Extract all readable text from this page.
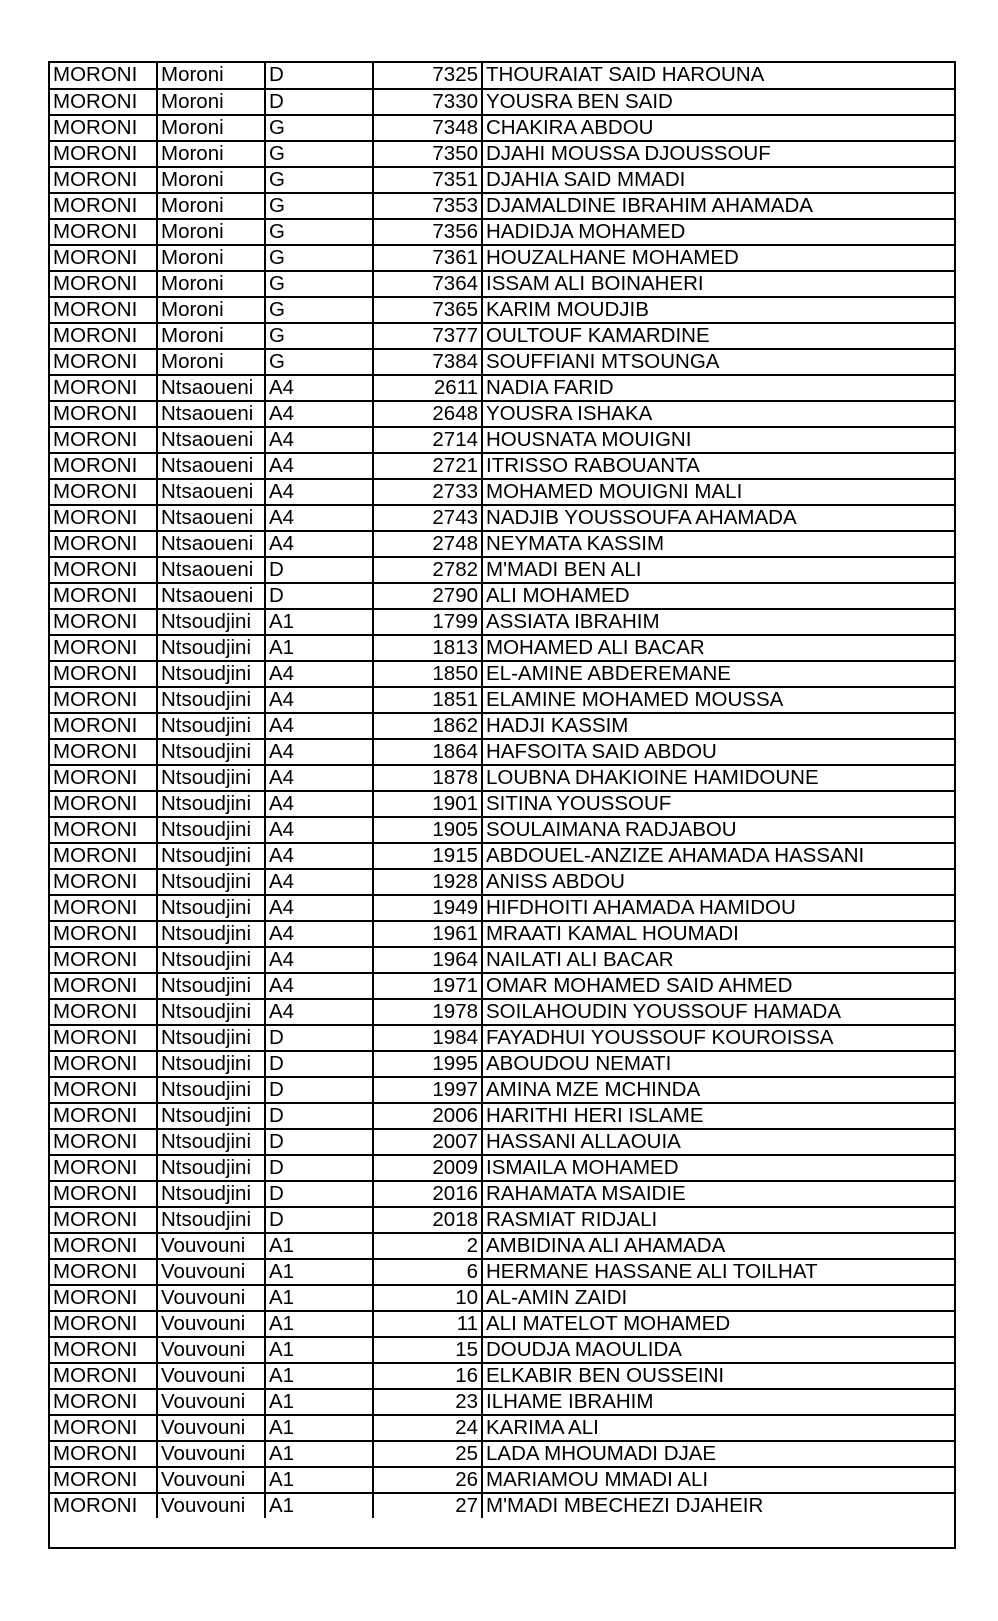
MORONI	Moroni	D	7325	THOURAIAT SAID HAROUNA
MORONI	Moroni	D	7330	YOUSRA BEN SAID
MORONI	Moroni	G	7348	CHAKIRA ABDOU
MORONI	Moroni	G	7350	DJAHI MOUSSA DJOUSSOUF
MORONI	Moroni	G	7351	DJAHIA SAID MMADI
MORONI	Moroni	G	7353	DJAMALDINE IBRAHIM AHAMADA
MORONI	Moroni	G	7356	HADIDJA MOHAMED
MORONI	Moroni	G	7361	HOUZALHANE MOHAMED
MORONI	Moroni	G	7364	ISSAM ALI BOINAHERI
MORONI	Moroni	G	7365	KARIM MOUDJIB
MORONI	Moroni	G	7377	OULTOUF KAMARDINE
MORONI	Moroni	G	7384	SOUFFIANI MTSOUNGA
MORONI	Ntsaoueni	A4	2611	NADIA FARID
MORONI	Ntsaoueni	A4	2648	YOUSRA ISHAKA
MORONI	Ntsaoueni	A4	2714	HOUSNATA MOUIGNI
MORONI	Ntsaoueni	A4	2721	ITRISSO RABOUANTA
MORONI	Ntsaoueni	A4	2733	MOHAMED MOUIGNI MALI
MORONI	Ntsaoueni	A4	2743	NADJIB YOUSSOUFA AHAMADA
MORONI	Ntsaoueni	A4	2748	NEYMATA KASSIM
MORONI	Ntsaoueni	D	2782	M'MADI BEN ALI
MORONI	Ntsaoueni	D	2790	ALI MOHAMED
MORONI	Ntsoudjini	A1	1799	ASSIATA IBRAHIM
MORONI	Ntsoudjini	A1	1813	MOHAMED ALI BACAR
MORONI	Ntsoudjini	A4	1850	EL-AMINE ABDEREMANE
MORONI	Ntsoudjini	A4	1851	ELAMINE MOHAMED MOUSSA
MORONI	Ntsoudjini	A4	1862	HADJI KASSIM
MORONI	Ntsoudjini	A4	1864	HAFSOITA SAID ABDOU
MORONI	Ntsoudjini	A4	1878	LOUBNA DHAKIOINE HAMIDOUNE
MORONI	Ntsoudjini	A4	1901	SITINA YOUSSOUF
MORONI	Ntsoudjini	A4	1905	SOULAIMANA RADJABOU
MORONI	Ntsoudjini	A4	1915	ABDOUEL-ANZIZE AHAMADA HASSANI
MORONI	Ntsoudjini	A4	1928	ANISS ABDOU
MORONI	Ntsoudjini	A4	1949	HIFDHOITI AHAMADA HAMIDOU
MORONI	Ntsoudjini	A4	1961	MRAATI KAMAL HOUMADI
MORONI	Ntsoudjini	A4	1964	NAILATI ALI BACAR
MORONI	Ntsoudjini	A4	1971	OMAR MOHAMED SAID AHMED
MORONI	Ntsoudjini	A4	1978	SOILAHOUDIN YOUSSOUF HAMADA
MORONI	Ntsoudjini	D	1984	FAYADHUI YOUSSOUF KOUROISSA
MORONI	Ntsoudjini	D	1995	ABOUDOU NEMATI
MORONI	Ntsoudjini	D	1997	AMINA MZE MCHINDA
MORONI	Ntsoudjini	D	2006	HARITHI HERI ISLAME
MORONI	Ntsoudjini	D	2007	HASSANI ALLAOUIA
MORONI	Ntsoudjini	D	2009	ISMAILA MOHAMED
MORONI	Ntsoudjini	D	2016	RAHAMATA MSAIDIE
MORONI	Ntsoudjini	D	2018	RASMIAT RIDJALI
MORONI	Vouvouni	A1	2	AMBIDINA ALI AHAMADA
MORONI	Vouvouni	A1	6	HERMANE HASSANE ALI TOILHAT
MORONI	Vouvouni	A1	10	AL-AMIN ZAIDI
MORONI	Vouvouni	A1	11	ALI MATELOT MOHAMED
MORONI	Vouvouni	A1	15	DOUDJA MAOULIDA
MORONI	Vouvouni	A1	16	ELKABIR BEN OUSSEINI
MORONI	Vouvouni	A1	23	ILHAME IBRAHIM
MORONI	Vouvouni	A1	24	KARIMA ALI
MORONI	Vouvouni	A1	25	LADA MHOUMADI DJAE
MORONI	Vouvouni	A1	26	MARIAMOU MMADI ALI
MORONI	Vouvouni	A1	27	M'MADI MBECHEZI DJAHEIR
